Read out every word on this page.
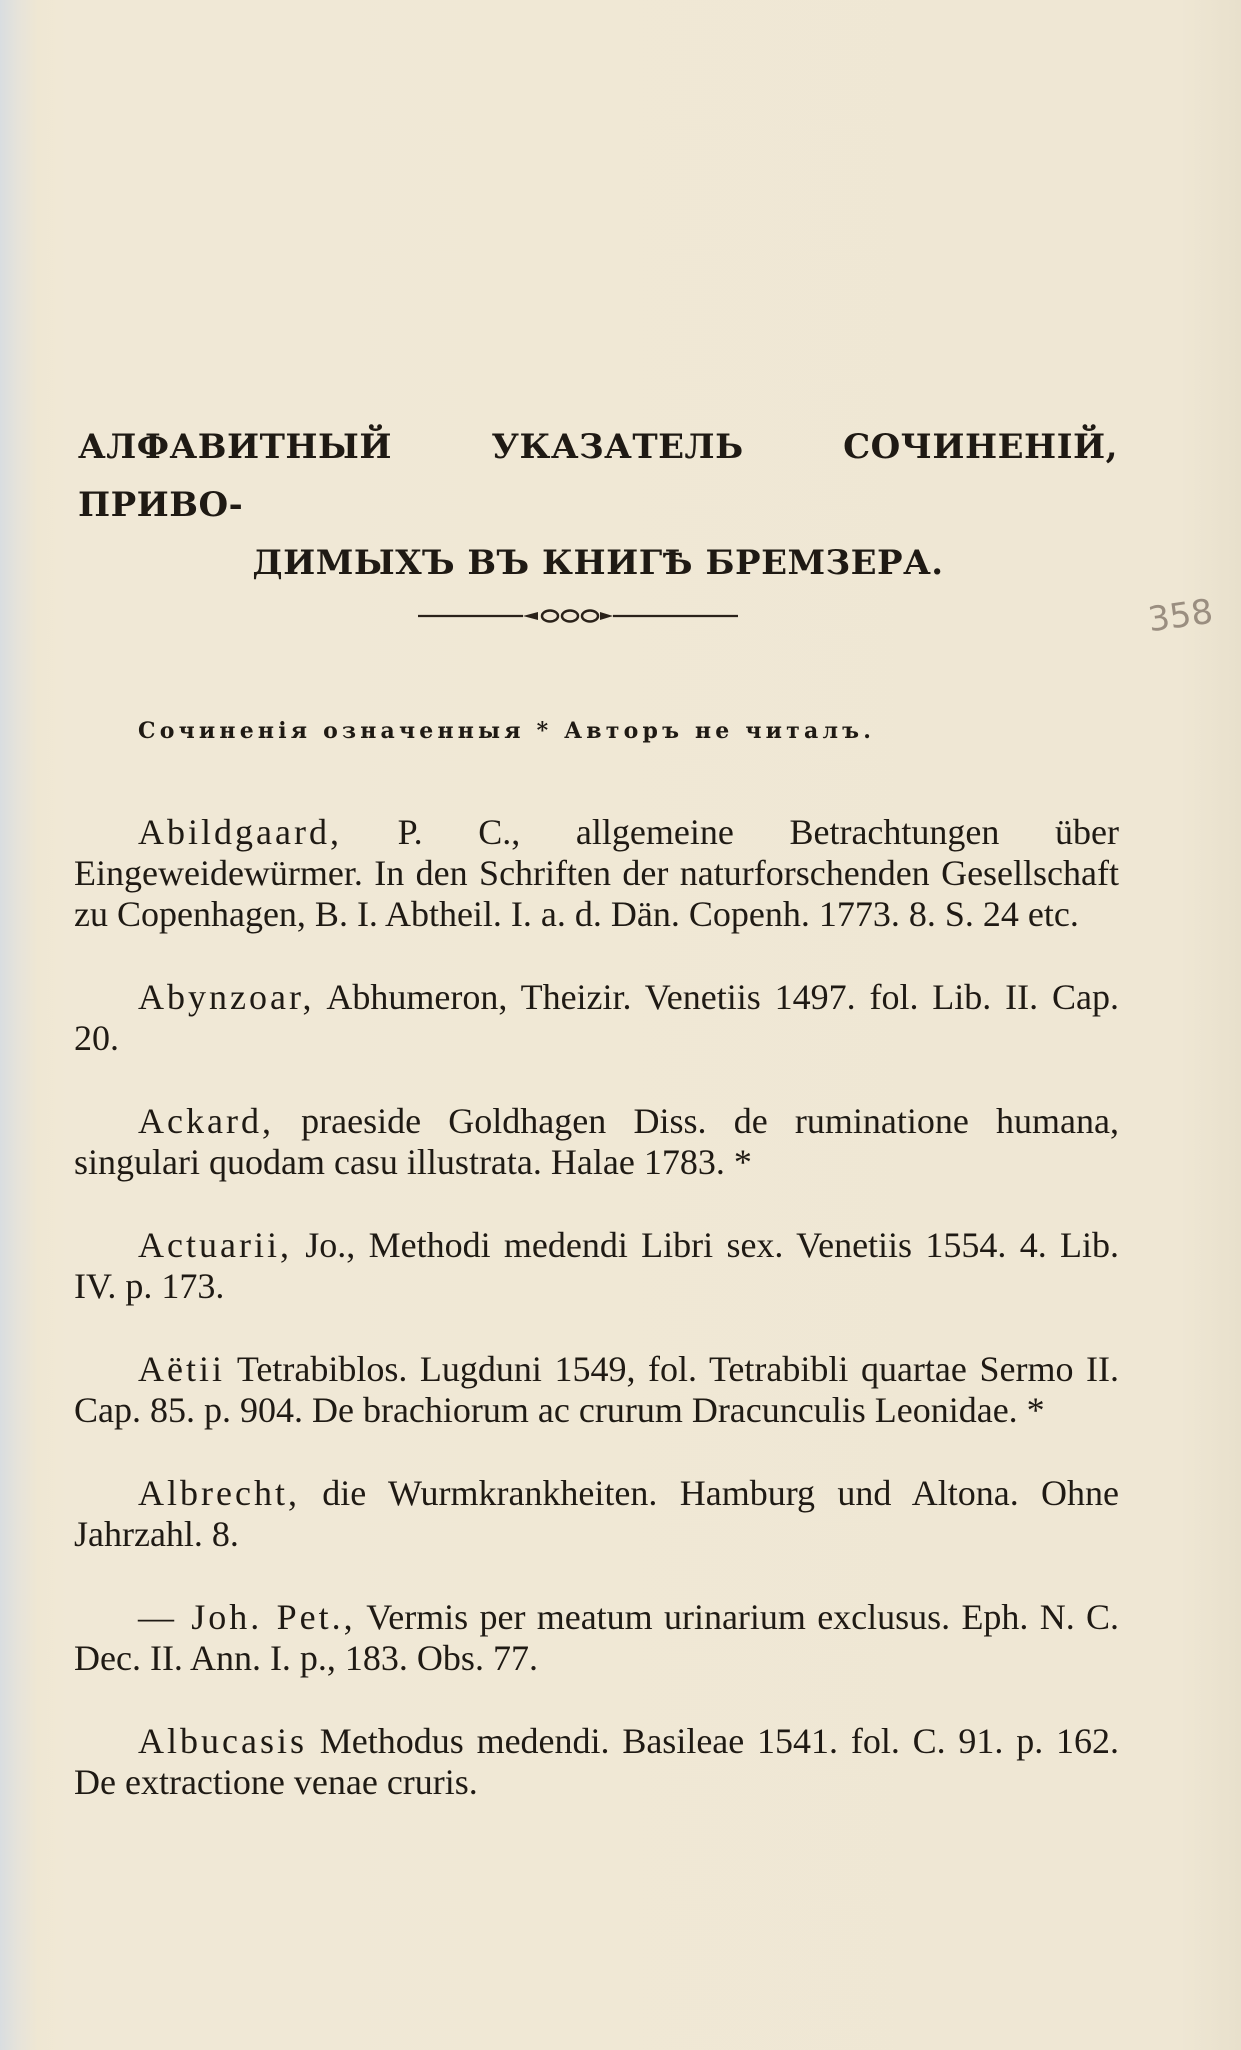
АЛФАВИТНЫЙ УКАЗАТЕЛЬ СОЧИНЕНІЙ, ПРИВО-
ДИМЫХЪ ВЪ КНИГѢ БРЕМЗЕРА.
358
Сочиненія означенныя * Авторъ не читалъ.

Abildgaard, P. C., allgemeine Betrachtungen über Eingeweidewürmer. In den Schriften der naturforschenden Gesellschaft zu Copenhagen, B. I. Abtheil. I. a. d. Dän. Copenh. 1773. 8. S. 24 etc.

Abynzoar, Abhumeron, Theizir. Venetiis 1497. fol. Lib. II. Cap. 20.

Ackard, praeside Goldhagen Diss. de ruminatione humana, singulari quodam casu illustrata. Halae 1783. *

Actuarii, Jo., Methodi medendi Libri sex. Venetiis 1554. 4. Lib. IV. p. 173.

Aëtii Tetrabiblos. Lugduni 1549, fol. Tetrabibli quartae Sermo II. Cap. 85. p. 904. De brachiorum ac crurum Dracunculis Leonidae. *

Albrecht, die Wurmkrankheiten. Hamburg und Altona. Ohne Jahrzahl. 8.

— Joh. Pet., Vermis per meatum urinarium exclusus. Eph. N. C. Dec. II. Ann. I. p., 183. Obs. 77.

Albucasis Methodus medendi. Basileae 1541. fol. C. 91. p. 162. De extractione venae cruris.
